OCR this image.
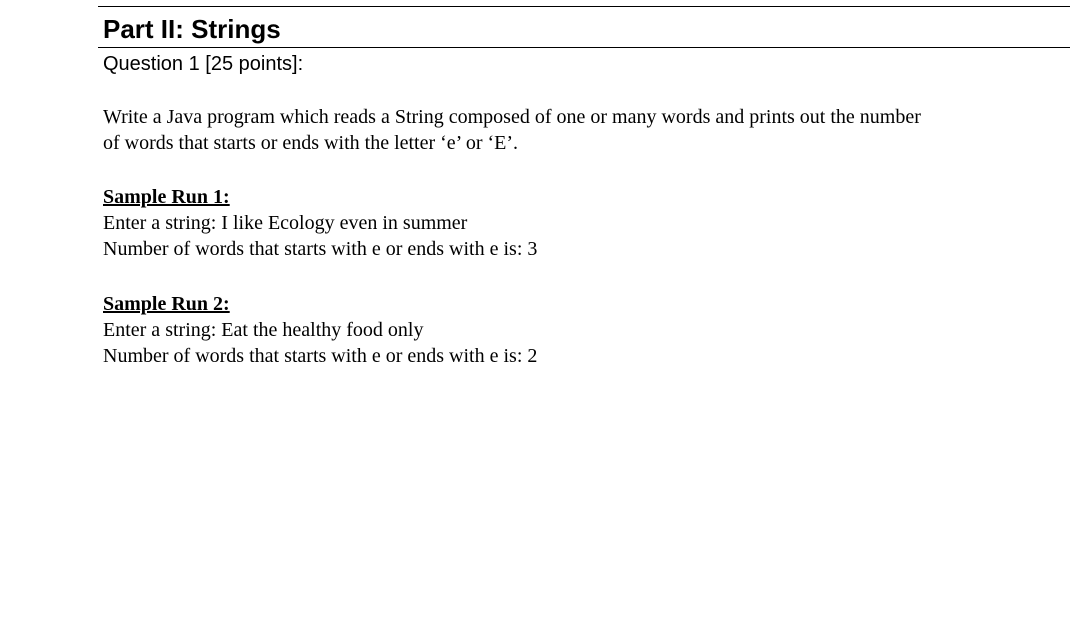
Part II: Strings
Question 1 [25 points]:

Write a Java program which reads a String composed of one or many words and prints out the number

of words that starts or ends with the letter ‘e’ or ‘E’.

Sample Run 1:
Enter a string: I like Ecology even in summer
Number of words that starts with e or ends with e is: 3
Sample Run 2:
Enter a string: Eat the healthy food only
Number of words that starts with e or ends with e is: 2
